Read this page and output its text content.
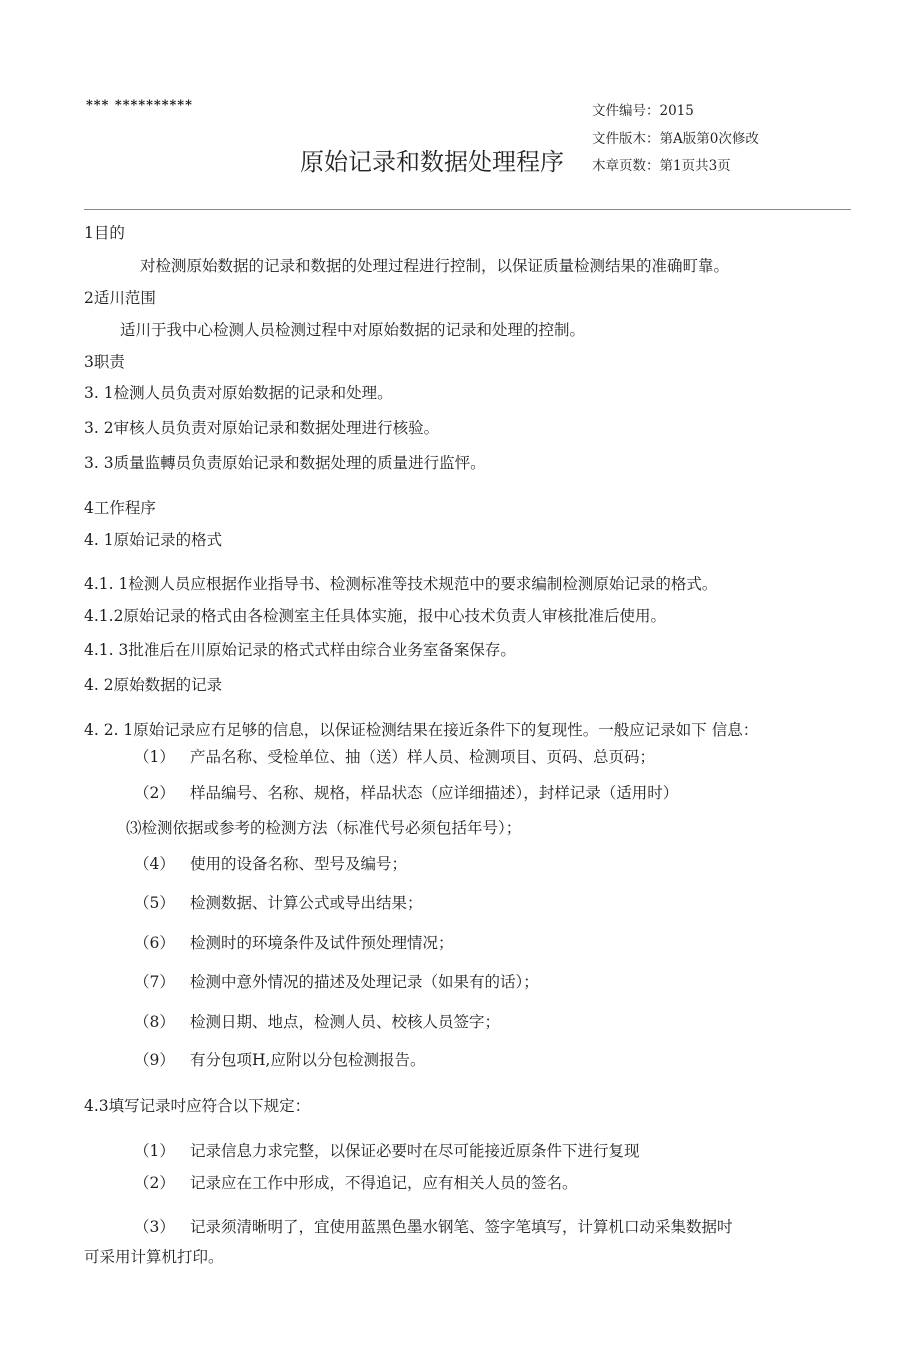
*** **********	文件编号：2015
文件版木：第A版第0次修改
木章页数：第1页共3页
原始记录和数据处理程序
1目的
对检测原始数据的记录和数据的处理过程进行控制，以保证质量检测结果的准确町靠。
2适川范围
适川于我中心检测人员检测过程中对原始数据的记录和处理的控制。
3职责
3. 1检测人员负责对原始数据的记录和处理。
3. 2审核人员负责对原始记录和数据处理进行核验。
3. 3质量监轉员负责原始记录和数据处理的质量进行监怦。
4工作程序
4. 1原始记录的格式
4.1. 1检测人员应根据作业指导书、检测标准等技术规范中的要求编制检测原始记录的格式。
4.1.2原始记录的格式由各检测室主任具体实施，报中心技术负责人审核批准后使用。
4.1. 3批准后在川原始记录的格式式样由综合业务室备案保存。
4. 2原始数据的记录
4. 2. 1原始记录应冇足够的信息，以保证检测结果在接近条件下的复现性。一般应记录如下 信息：
（1） 产品名称、受检单位、抽（送）样人员、检测项目、页码、总页码；
（2） 样品编号、名称、规格，样品状态（应详细描述），封样记录（适用时）
⑶检测依据或参考的检测方法（标准代号必须包括年号）；
（4） 使用的设备名称、型号及编号；
（5） 检测数据、计算公式或导出结果；
（6） 检测时的环境条件及试件预处理情况；
（7） 检测中意外情况的描述及处理记录（如果有的话）；
（8） 检测日期、地点，检测人员、校核人员签字；
（9） 有分包项H,应附以分包检测报告。
4.3填写记录吋应符合以下规定：
（1） 记录信息力求完整，以保证必要吋在尽可能接近原条件下进行复现
（2） 记录应在工作中形成，不得追记，应有相关人员的签名。
（3） 记录须清晰明了，宜使用蓝黑色墨水钢笔、签字笔填写，计算机口动采集数据吋
可采用计算机打印。
